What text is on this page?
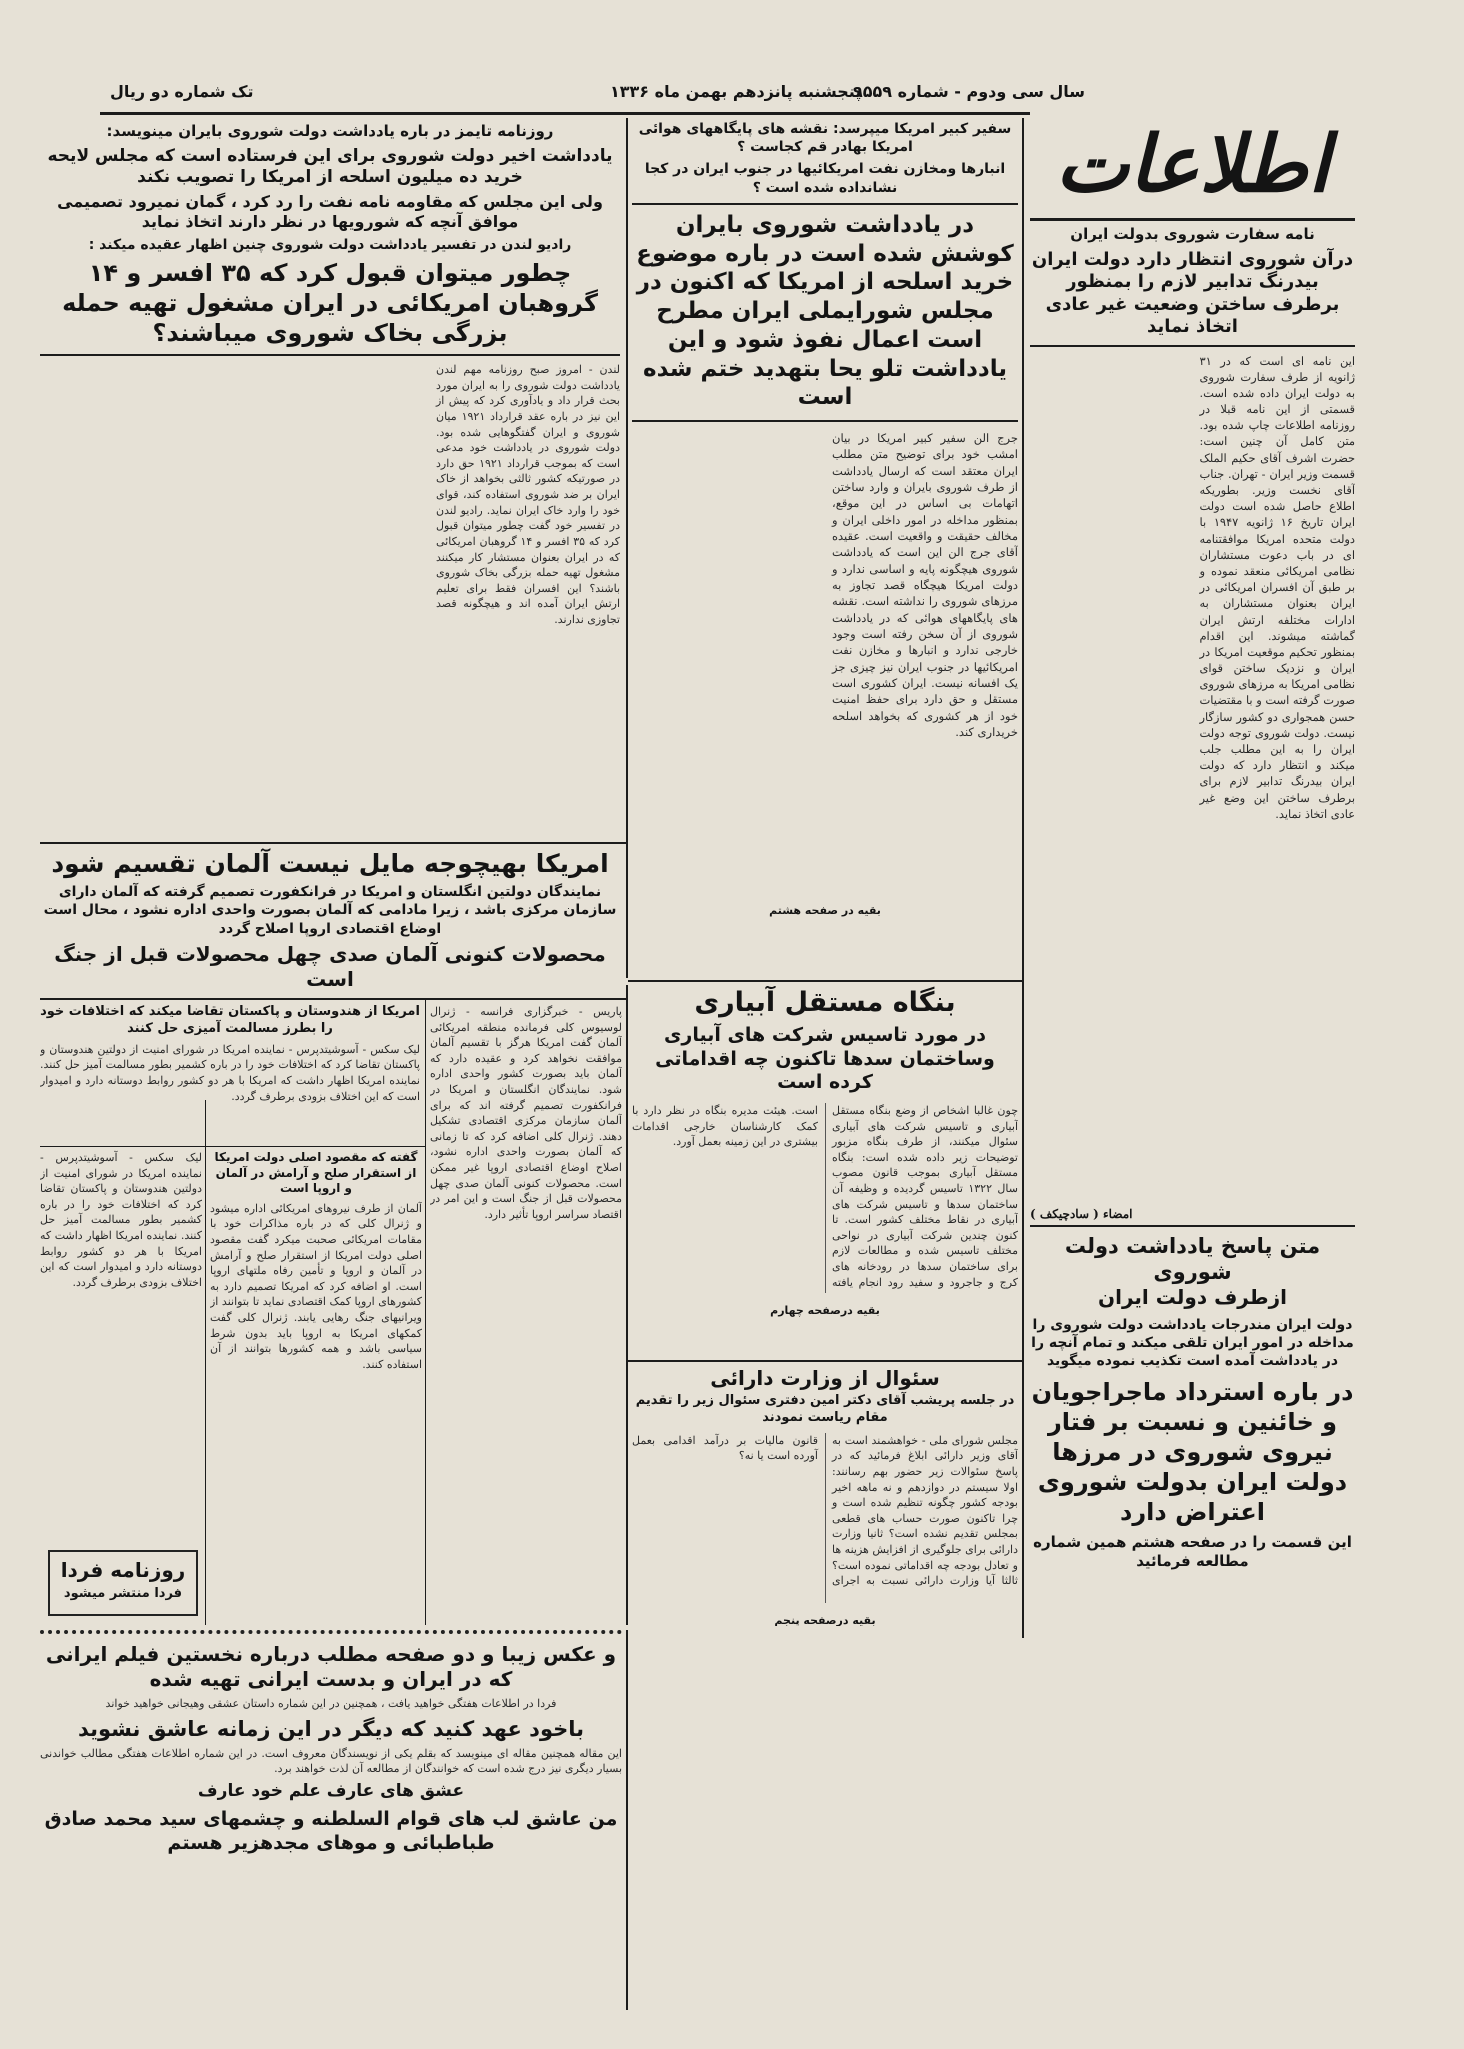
تک شماره دو ریال	پنجشنبه پانزدهم بهمن ماه ۱۳۳۶
سال سی ودوم - شماره ۹۵۵۹
اطلاعات

نامه سفارت شوروی بدولت ایران

درآن شوروی انتظار دارد دولت ایران بیدرنگ تدابیر لازم را بمنظور برطرف ساختن وضعیت غیر عادی اتخاذ نماید

این نامه ای است که در ۳۱ ژانویه از طرف سفارت شوروی به دولت ایران داده شده است. قسمتی از این نامه قبلا در روزنامه اطلاعات چاپ شده بود. متن کامل آن چنین است: حضرت اشرف آقای حکیم الملک قسمت وزیر ایران - تهران. جناب آقای نخست وزیر. بطوریکه اطلاع حاصل شده است دولت ایران تاریخ ۱۶ ژانویه ۱۹۴۷ با دولت متحده امریکا موافقتنامه ای در باب دعوت مستشاران نظامی امریکائی منعقد نموده و بر طبق آن افسران امریکائی در ایران بعنوان مستشاران به ادارات مختلفه ارتش ایران گماشته میشوند. این اقدام بمنظور تحکیم موقعیت امریکا در ایران و نزدیک ساختن قوای نظامی امریکا به مرزهای شوروی صورت گرفته است و با مقتضیات حسن همجواری دو کشور سازگار نیست. دولت شوروی توجه دولت ایران را به این مطلب جلب میکند و انتظار دارد که دولت ایران بیدرنگ تدابیر لازم برای برطرف ساختن این وضع غیر عادی اتخاذ نماید.

امضاء ( سادچیکف )

متن پاسخ یادداشت دولت شوروی

ازطرف دولت ایران

دولت ایران مندرجات یادداشت دولت شوروی را مداخله در امور ایران تلقی میکند و تمام آنچه را در یادداشت آمده است تکذیب نموده میگوید

در باره استرداد ماجراجویان و خائنین و نسبت بر فتار نیروی شوروی در مرزها دولت ایران بدولت شوروی اعتراض دارد

این قسمت را در صفحه هشتم همین شماره مطالعه فرمائید

سفیر کبیر امریکا میپرسد: نقشه های پایگاههای هوائی امریکا بهادر قم کجاست ؟

انبارها ومخازن نفت امریکائیها در جنوب ایران در کجا نشانداده شده است ؟

در یادداشت شوروی بایران کوشش شده است در باره موضوع خرید اسلحه از امریکا که اکنون در مجلس شورایملی ایران مطرح است اعمال نفوذ شود و این یادداشت تلو یحا بتهدید ختم شده است

جرج الن سفیر کبیر امریکا در بیان امشب خود برای توضیح متن مطلب ایران معتقد است که ارسال یادداشت از طرف شوروی بایران و وارد ساختن اتهامات بی اساس در این موقع، بمنظور مداخله در امور داخلی ایران و مخالف حقیقت و واقعیت است. عقیده آقای جرج الن این است که یادداشت شوروی هیچگونه پایه و اساسی ندارد و دولت امریکا هیچگاه قصد تجاوز به مرزهای شوروی را نداشته است. نقشه های پایگاههای هوائی که در یادداشت شوروی از آن سخن رفته است وجود خارجی ندارد و انبارها و مخازن نفت امریکائیها در جنوب ایران نیز چیزی جز یک افسانه نیست. ایران کشوری است مستقل و حق دارد برای حفظ امنیت خود از هر کشوری که بخواهد اسلحه خریداری کند.

بقیه در صفحه هشتم

روزنامه تایمز در باره یادداشت دولت شوروی بایران مینویسد:

یادداشت اخیر دولت شوروی برای این فرستاده است که مجلس لایحه خرید ده میلیون اسلحه از امریکا را تصویب نکند

ولی این مجلس که مقاومه نامه نفت را رد کرد ، گمان نمیرود تصمیمی موافق آنچه که شورویها در نظر دارند اتخاذ نماید

رادیو لندن در تفسیر یادداشت دولت شوروی چنین اظهار عقیده میکند :

چطور میتوان قبول کرد که ۳۵ افسر و ۱۴ گروهبان امریکائی در ایران مشغول تهیه حمله بزرگی بخاک شوروی میباشند؟

لندن - امروز صبح روزنامه مهم لندن یادداشت دولت شوروی را به ایران مورد بحث قرار داد و یادآوری کرد که پیش از این نیز در باره عقد قرارداد ۱۹۲۱ میان شوروی و ایران گفتگوهایی شده بود. دولت شوروی در یادداشت خود مدعی است که بموجب قرارداد ۱۹۲۱ حق دارد در صورتیکه کشور ثالثی بخواهد از خاک ایران بر ضد شوروی استفاده کند، قوای خود را وارد خاک ایران نماید. رادیو لندن در تفسیر خود گفت چطور میتوان قبول کرد که ۳۵ افسر و ۱۴ گروهبان امریکائی که در ایران بعنوان مستشار کار میکنند مشغول تهیه حمله بزرگی بخاک شوروی باشند؟ این افسران فقط برای تعلیم ارتش ایران آمده اند و هیچگونه قصد تجاوزی ندارند.

امریکا بهیچوجه مایل نیست آلمان تقسیم شود

نمایندگان دولتین انگلستان و امریکا در فرانکفورت تصمیم گرفته که آلمان دارای سازمان مرکزی باشد ، زیرا مادامی که آلمان بصورت واحدی اداره نشود ، محال است اوضاع اقتصادی اروپا اصلاح گردد

محصولات کنونی آلمان صدی چهل محصولات قبل از جنگ است

امریکا از هندوستان و پاکستان تقاضا میکند که اختلافات خود را بطرز مسالمت آمیزی حل کنند

لیک سکس - آسوشیتدپرس - نماینده امریکا در شورای امنیت از دولتین هندوستان و پاکستان تقاضا کرد که اختلافات خود را در باره کشمیر بطور مسالمت آمیز حل کنند. نماینده امریکا اظهار داشت که امریکا با هر دو کشور روابط دوستانه دارد و امیدوار است که این اختلاف بزودی برطرف گردد.
پاریس - خبرگزاری فرانسه - ژنرال لوسیوس کلی فرمانده منطقه امریکائی آلمان گفت امریکا هرگز با تقسیم آلمان موافقت نخواهد کرد و عقیده دارد که آلمان باید بصورت کشور واحدی اداره شود. نمایندگان انگلستان و امریکا در فرانکفورت تصمیم گرفته اند که برای آلمان سازمان مرکزی اقتصادی تشکیل دهند. ژنرال کلی اضافه کرد که تا زمانی که آلمان بصورت واحدی اداره نشود، اصلاح اوضاع اقتصادی اروپا غیر ممکن است. محصولات کنونی آلمان صدی چهل محصولات قبل از جنگ است و این امر در اقتصاد سراسر اروپا تأثیر دارد.

گفته که مقصود اصلی دولت امریکا از استقرار صلح و آرامش در آلمان و اروپا است

آلمان از طرف نیروهای امریکائی اداره میشود و ژنرال کلی که در باره مذاکرات خود با مقامات امریکائی صحبت میکرد گفت مقصود اصلی دولت امریکا از استقرار صلح و آرامش در آلمان و اروپا و تأمین رفاه ملتهای اروپا است. او اضافه کرد که امریکا تصمیم دارد به کشورهای اروپا کمک اقتصادی نماید تا بتوانند از ویرانیهای جنگ رهایی یابند. ژنرال کلی گفت کمکهای امریکا به اروپا باید بدون شرط سیاسی باشد و همه کشورها بتوانند از آن استفاده کنند.
لیک سکس - آسوشیتدپرس - نماینده امریکا در شورای امنیت از دولتین هندوستان و پاکستان تقاضا کرد که اختلافات خود را در باره کشمیر بطور مسالمت آمیز حل کنند. نماینده امریکا اظهار داشت که امریکا با هر دو کشور روابط دوستانه دارد و امیدوار است که این اختلاف بزودی برطرف گردد.
روزنامه فردا
فردا منتشر میشود

بنگاه مستقل آبیاری

در مورد تاسیس شرکت های آبیاری وساختمان سدها تاکنون چه اقداماتی کرده است

چون غالبا اشخاص از وضع بنگاه مستقل آبیاری و تاسیس شرکت های آبیاری سئوال میکنند، از طرف بنگاه مزبور توضیحات زیر داده شده است: بنگاه مستقل آبیاری بموجب قانون مصوب سال ۱۳۲۲ تاسیس گردیده و وظیفه آن ساختمان سدها و تاسیس شرکت های آبیاری در نقاط مختلف کشور است. تا کنون چندین شرکت آبیاری در نواحی مختلف تاسیس شده و مطالعات لازم برای ساختمان سدها در رودخانه های کرج و جاجرود و سفید رود انجام یافته است. هیئت مدیره بنگاه در نظر دارد با کمک کارشناسان خارجی اقدامات بیشتری در این زمینه بعمل آورد.

بقیه درصفحه چهارم

سئوال از وزارت دارائی

در جلسه پریشب آقای دکتر امین دفتری سئوال زیر را تقدیم مقام ریاست نمودند

مجلس شورای ملی - خواهشمند است به آقای وزیر دارائی ابلاغ فرمائید که در پاسخ سئوالات زیر حضور بهم رسانند: اولا سیستم در دوازدهم و نه ماهه اخیر بودجه کشور چگونه تنظیم شده است و چرا تاکنون صورت حساب های قطعی بمجلس تقدیم نشده است؟ ثانیا وزارت دارائی برای جلوگیری از افزایش هزینه ها و تعادل بودجه چه اقداماتی نموده است؟ ثالثا آیا وزارت دارائی نسبت به اجرای قانون مالیات بر درآمد اقدامی بعمل آورده است یا نه؟

بقیه درصفحه پنجم

و عکس زیبا و دو صفحه مطلب درباره نخستین فیلم ایرانی که در ایران و بدست ایرانی تهیه شده

فردا در اطلاعات هفتگی خواهید یافت ، همچنین در این شماره داستان عشقی وهیجانی خواهید خواند

باخود عهد کنید که دیگر در این زمانه عاشق نشوید

این مقاله همچنین مقاله ای مینویسد که بقلم یکی از نویسندگان معروف است. در این شماره اطلاعات هفتگی مطالب خواندنی بسیار دیگری نیز درج شده است که خوانندگان از مطالعه آن لذت خواهند برد.

عشق های عارف علم خود عارف

من عاشق لب های قوام السلطنه و چشمهای سید محمد صادق طباطبائی و موهای مجدهزیر هستم
